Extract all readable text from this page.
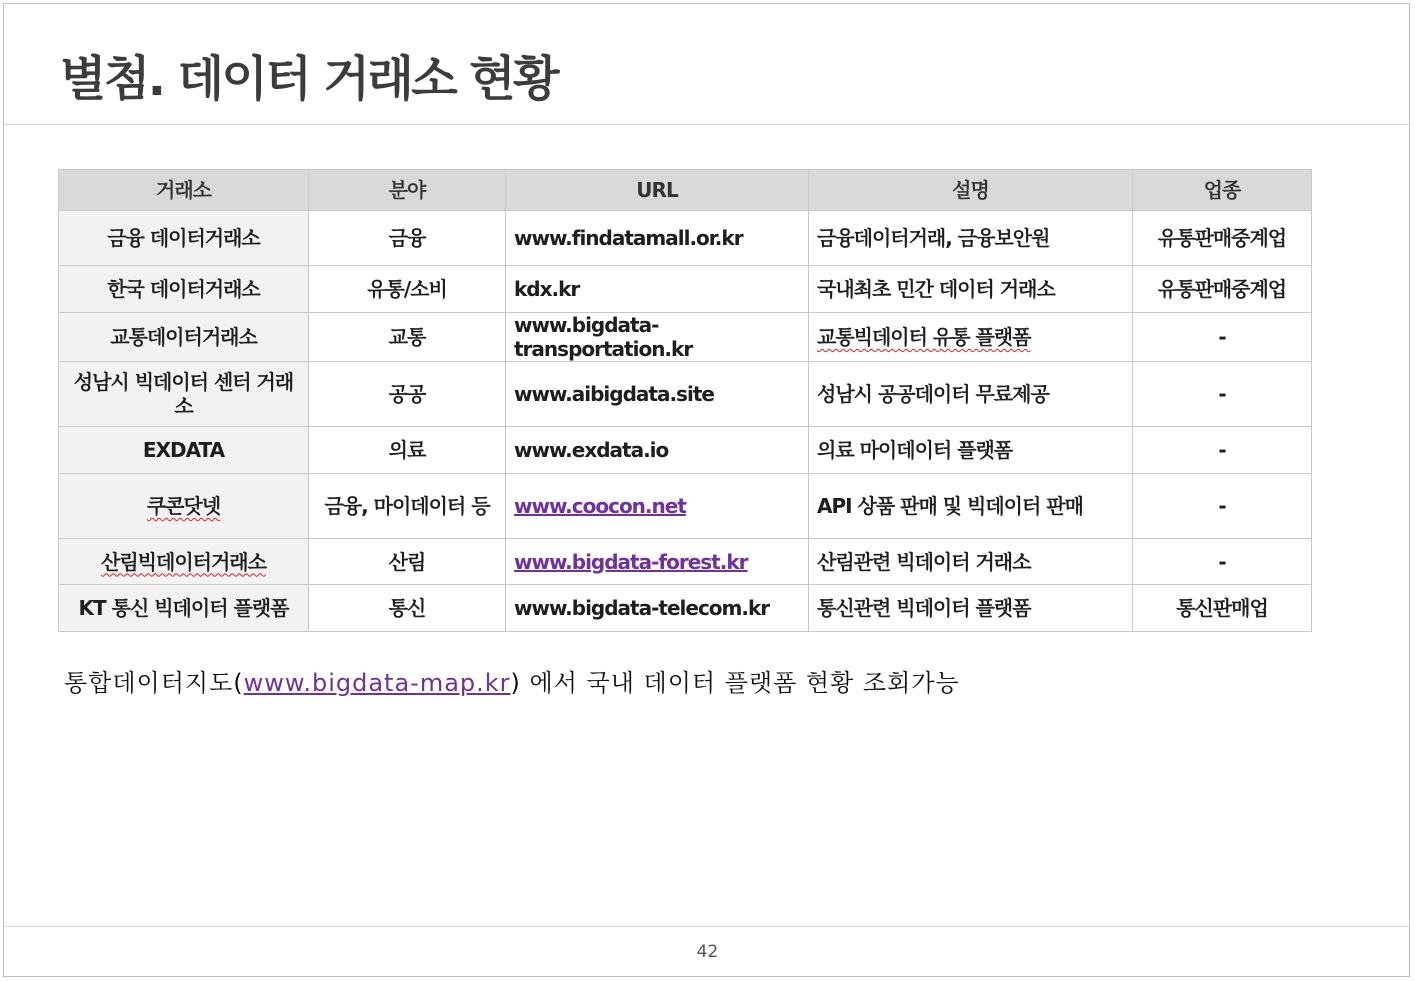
별첨. 데이터 거래소 현황
거래소	분야	URL	설명	업종
금융 데이터거래소	금융	www.findatamall.or.kr	금융데이터거래, 금융보안원	유통판매중계업
한국 데이터거래소	유통/소비	kdx.kr	국내최초 민간 데이터 거래소	유통판매중계업
교통데이터거래소	교통	www.bigdata-transportation.kr	교통빅데이터 유통 플랫폼	-
성남시 빅데이터 센터 거래소	공공	www.aibigdata.site	성남시 공공데이터 무료제공	-
EXDATA	의료	www.exdata.io	의료 마이데이터 플랫폼	-
쿠콘닷넷	금융, 마이데이터 등	www.coocon.net	API 상품 판매 및 빅데이터 판매	-
산림빅데이터거래소	산림	www.bigdata-forest.kr	산림관련 빅데이터 거래소	-
KT 통신 빅데이터 플랫폼	통신	www.bigdata-telecom.kr	통신관련 빅데이터 플랫폼	통신판매업
통합데이터지도(www.bigdata-map.kr) 에서 국내 데이터 플랫폼 현황 조회가능
42
